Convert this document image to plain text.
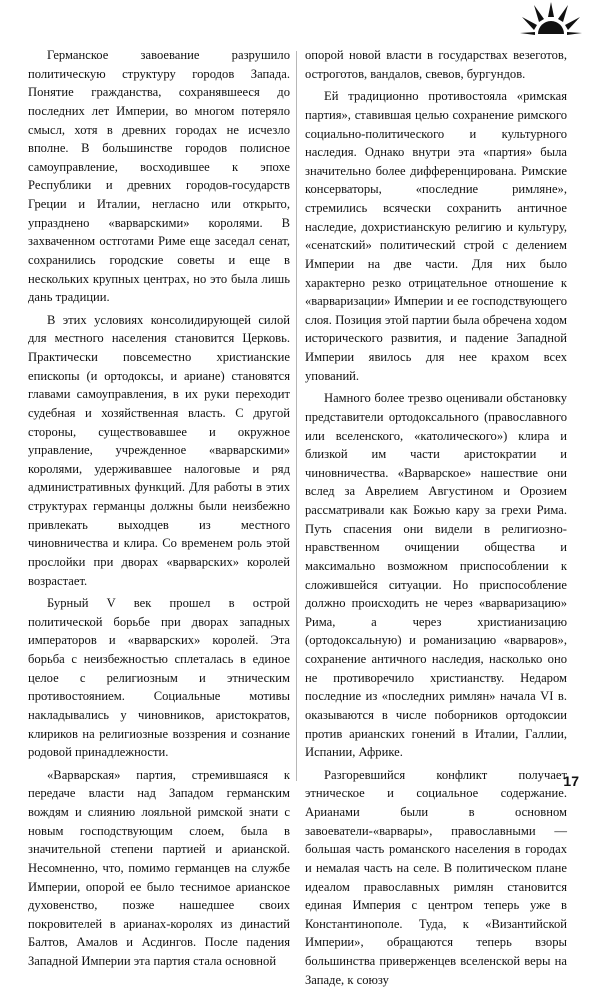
Германское завоевание разрушило политическую структуру городов Запада. Понятие гражданства, сохранявшееся до последних лет Империи, во многом потеряло смысл, хотя в древних городах не исчезло вполне. В большинстве городов полисное самоуправление, восходившее к эпохе Республики и древних городов-государств Греции и Италии, негласно или открыто, упразднено «варварскими» королями. В захваченном остготами Риме еще заседал сенат, сохранились городские советы и еще в нескольких крупных центрах, но это была лишь дань традиции.

В этих условиях консолидирующей силой для местного населения становится Церковь. Практически повсеместно христианские епископы (и ортодоксы, и ариане) становятся главами самоуправления, в их руки переходит судебная и хозяйственная власть. С другой стороны, существовавшее и окружное управление, учрежденное «варварскими» королями, удерживавшее налоговые и ряд административных функций. Для работы в этих структурах германцы должны были неизбежно привлекать выходцев из местного чиновничества и клира. Со временем роль этой прослойки при дворах «варварских» королей возрастает.

Бурный V век прошел в острой политической борьбе при дворах западных императоров и «варварских» королей. Эта борьба с неизбежностью сплеталась в единое целое с религиозным и этническим противостоянием. Социальные мотивы накладывались у чиновников, аристократов, клириков на религиозные воззрения и сознание родовой принадлежности.

«Варварская» партия, стремившаяся к передаче власти над Западом германским вождям и слиянию лояльной римской знати с новым господствующим слоем, была в значительной степени партией и арианской. Несомненно, что, помимо германцев на службе Империи, опорой ее было теснимое арианское духовенство, позже нашедшее своих покровителей в арианах-королях из династий Балтов, Амалов и Асдингов. После падения Западной Империи эта партия стала основной

опорой новой власти в государствах везеготов, остроготов, вандалов, свевов, бургундов.

Ей традиционно противостояла «римская партия», ставившая целью сохранение римского социально-политического и культурного наследия. Однако внутри эта «партия» была значительно более дифференцирована. Римские консерваторы, «последние римляне», стремились всячески сохранить античное наследие, дохристианскую религию и культуру, «сенатский» политический строй с делением Империи на две части. Для них было характерно резко отрицательное отношение к «варваризации» Империи и ее господствующего слоя. Позиция этой партии была обречена ходом исторического развития, и падение Западной Империи явилось для нее крахом всех упований.

Намного более трезво оценивали обстановку представители ортодоксального (православного или вселенского, «католического») клира и близкой им части аристократии и чиновничества. «Варварское» нашествие они вслед за Аврелием Августином и Орозием рассматривали как Божью кару за грехи Рима. Путь спасения они видели в религиозно-нравственном очищении общества и максимально возможном приспособлении к сложившейся ситуации. Но приспособление должно происходить не через «варваризацию» Рима, а через христианизацию (ортодоксальную) и романизацию «варваров», сохранение античного наследия, насколько оно не противоречило христианству. Недаром последние из «последних римлян» начала VI в. оказываются в числе поборников ортодоксии против арианских гонений в Италии, Галлии, Испании, Африке.

Разгоревшийся конфликт получает этническое и социальное содержание. Арианами были в основном завоеватели-«варвары», православными — большая часть романского населения в городах и немалая часть на селе. В политическом плане идеалом православных римлян становится единая Империя с центром теперь уже в Константинополе. Туда, к «Византийской Империи», обращаются теперь взоры большинства приверженцев вселенской веры на Западе, к союзу

17
